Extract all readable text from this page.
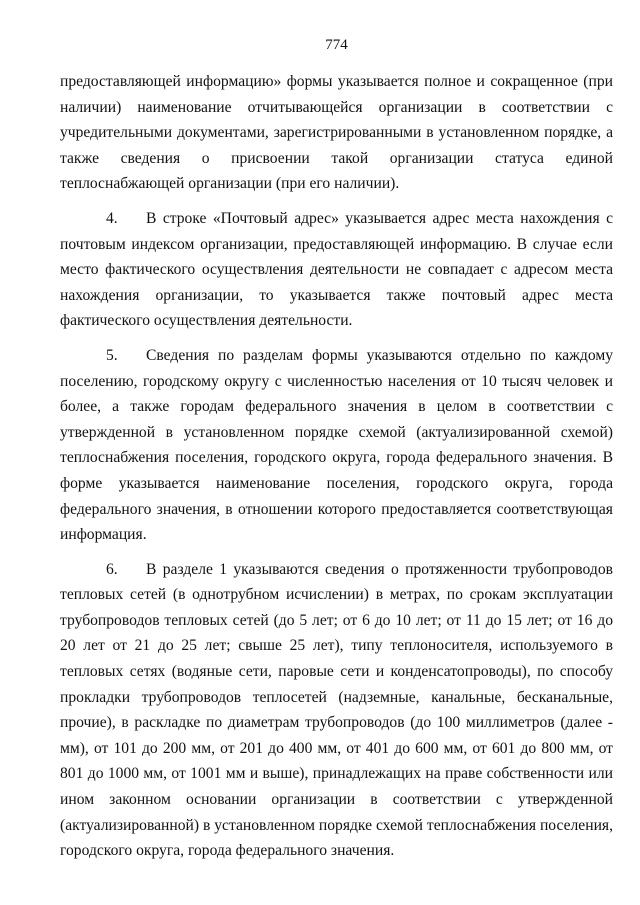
774

предоставляющей информацию» формы указывается полное и сокращенное (при наличии) наименование отчитывающейся организации в соответствии с учредительными документами, зарегистрированными в установленном порядке, а также сведения о присвоении такой организации статуса единой теплоснабжающей организации (при его наличии).

4. В строке «Почтовый адрес» указывается адрес места нахождения с почтовым индексом организации, предоставляющей информацию. В случае если место фактического осуществления деятельности не совпадает с адресом места нахождения организации, то указывается также почтовый адрес места фактического осуществления деятельности.

5. Сведения по разделам формы указываются отдельно по каждому поселению, городскому округу с численностью населения от 10 тысяч человек и более, а также городам федерального значения в целом в соответствии с утвержденной в установленном порядке схемой (актуализированной схемой) теплоснабжения поселения, городского округа, города федерального значения. В форме указывается наименование поселения, городского округа, города федерального значения, в отношении которого предоставляется соответствующая информация.

6. В разделе 1 указываются сведения о протяженности трубопроводов тепловых сетей (в однотрубном исчислении) в метрах, по срокам эксплуатации трубопроводов тепловых сетей (до 5 лет; от 6 до 10 лет; от 11 до 15 лет; от 16 до 20 лет от 21 до 25 лет; свыше 25 лет), типу теплоносителя, используемого в тепловых сетях (водяные сети, паровые сети и конденсатопроводы), по способу прокладки трубопроводов теплосетей (надземные, канальные, бесканальные, прочие), в раскладке по диаметрам трубопроводов (до 100 миллиметров (далее - мм), от 101 до 200 мм, от 201 до 400 мм, от 401 до 600 мм, от 601 до 800 мм, от 801 до 1000 мм, от 1001 мм и выше), принадлежащих на праве собственности или ином законном основании организации в соответствии с утвержденной (актуализированной) в установленном порядке схемой теплоснабжения поселения, городского округа, города федерального значения.
